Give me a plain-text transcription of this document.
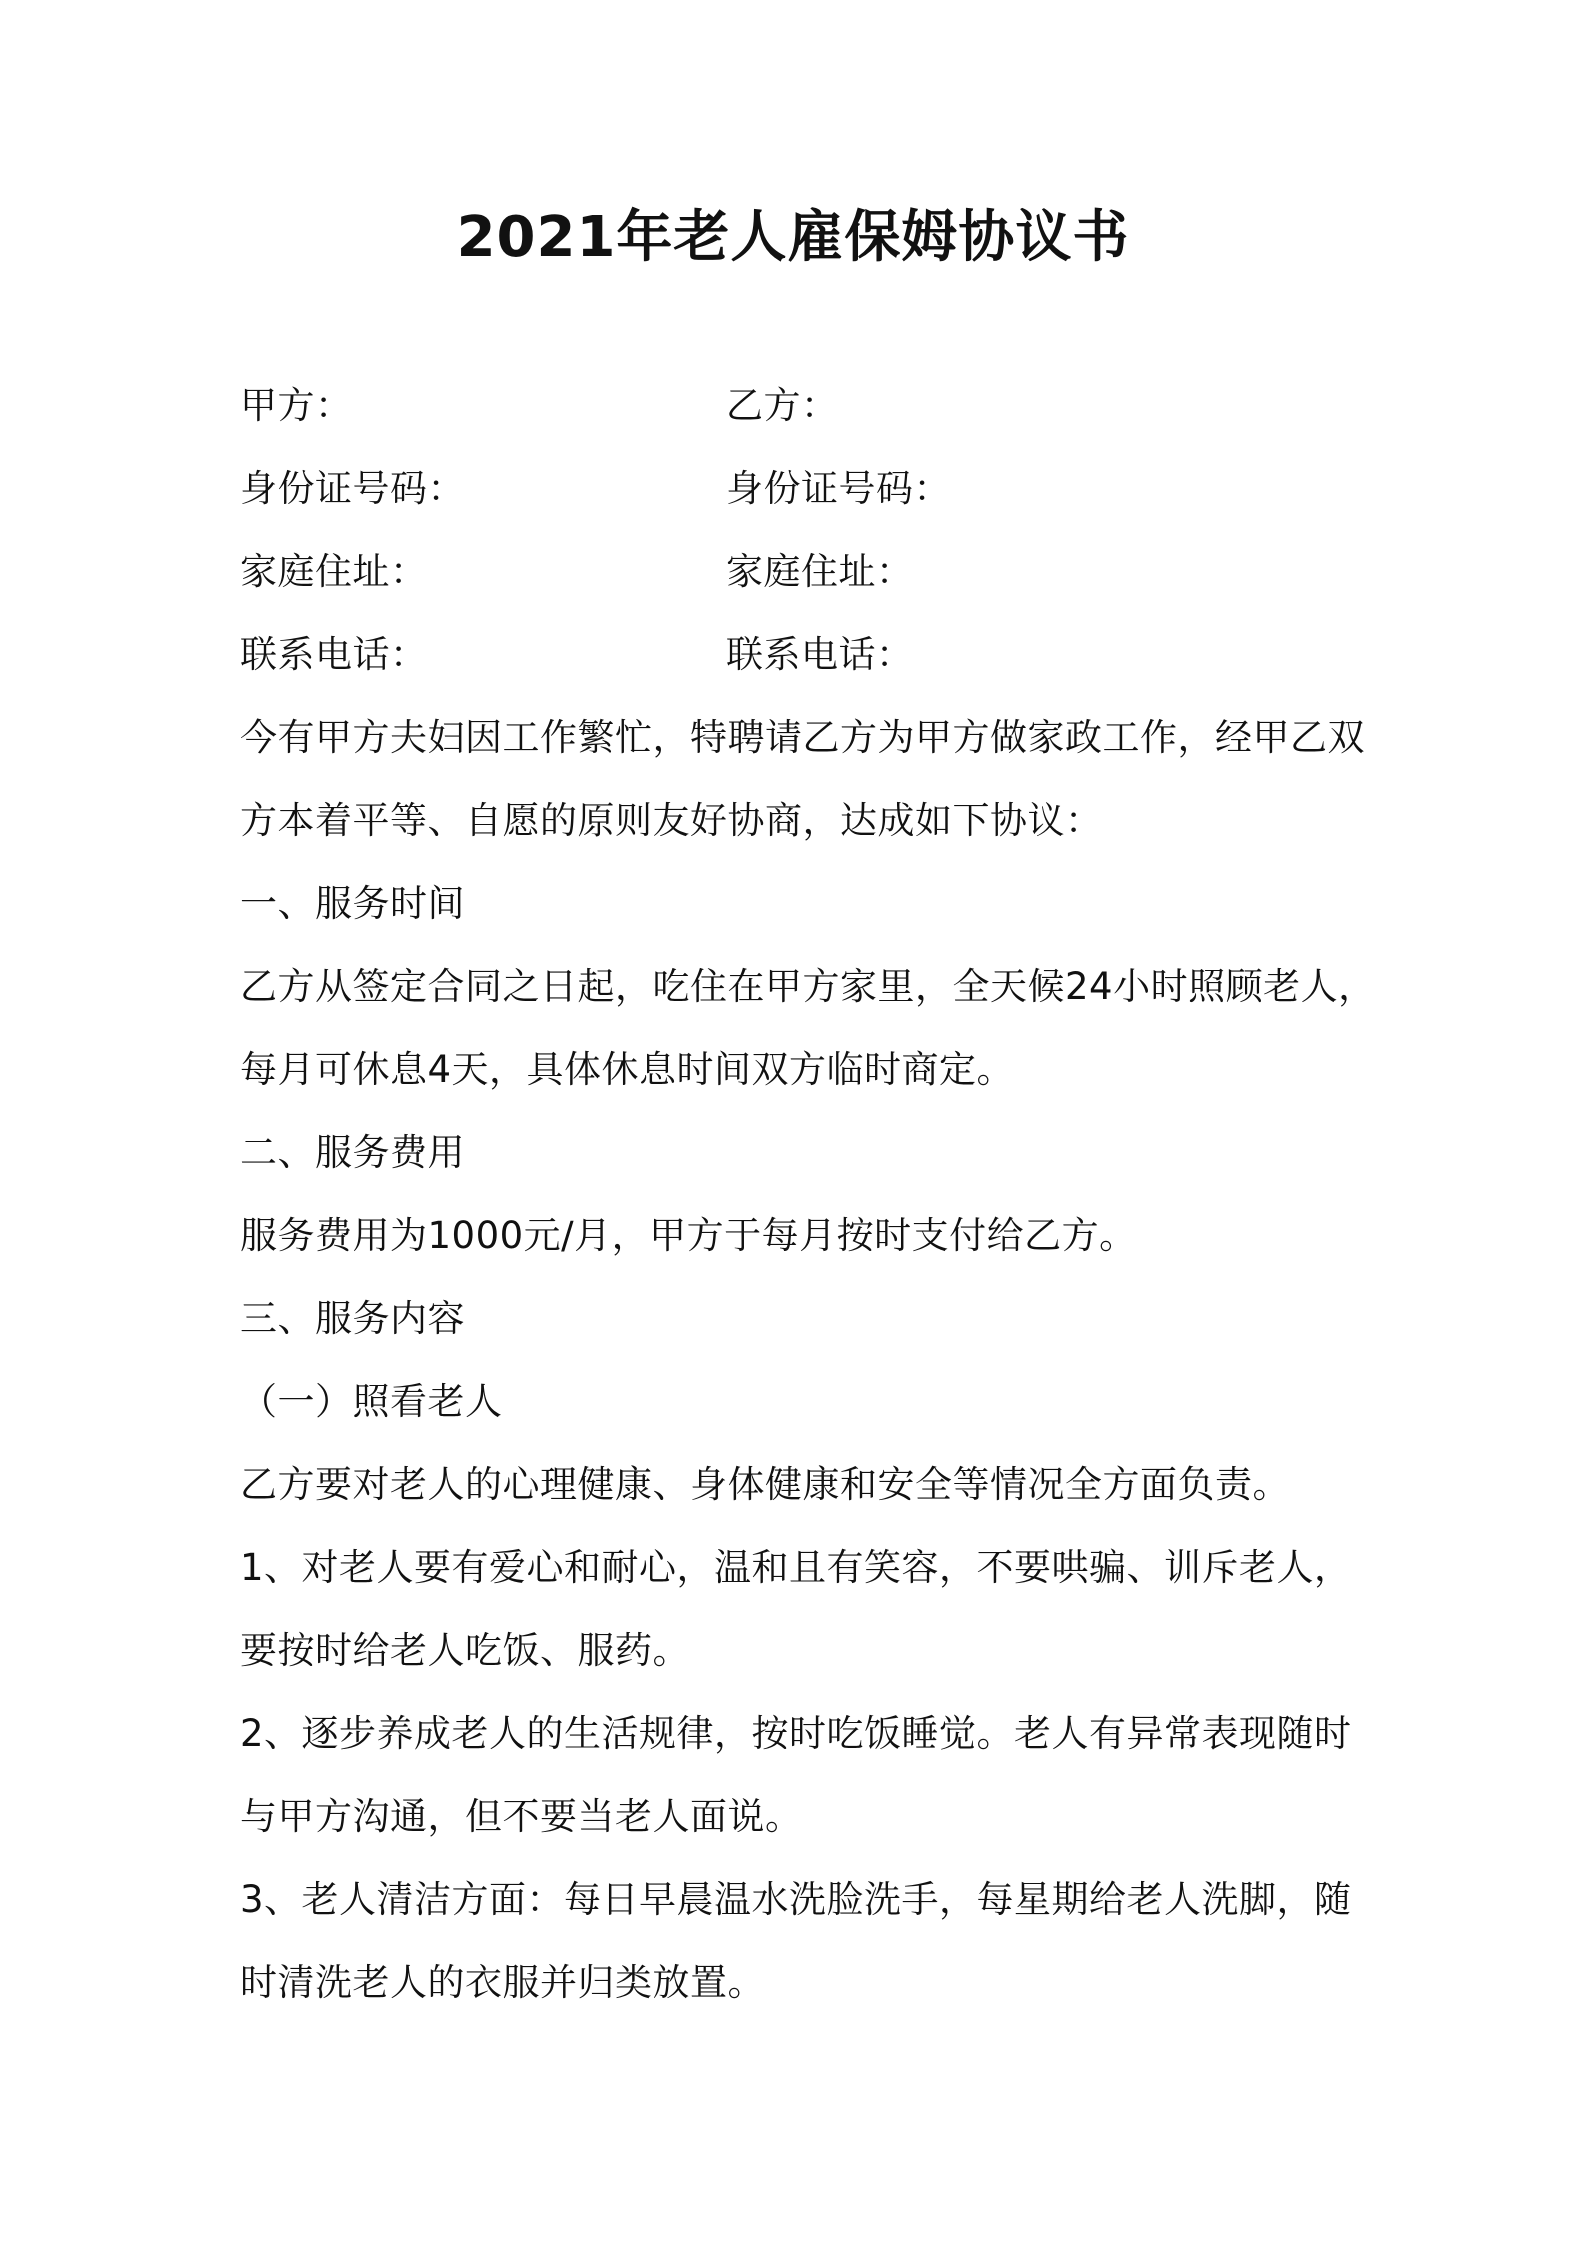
2021年老人雇保姆协议书
甲方：	乙方：
身份证号码：	身份证号码：
家庭住址：	家庭住址：
联系电话：	联系电话：
今有甲方夫妇因工作繁忙，特聘请乙方为甲方做家政工作，经甲乙双
方本着平等、自愿的原则友好协商，达成如下协议：
一、服务时间
乙方从签定合同之日起，吃住在甲方家里，全天候24小时照顾老人，
每月可休息4天，具体休息时间双方临时商定。
二、服务费用
服务费用为1000元/月，甲方于每月按时支付给乙方。
三、服务内容
（一）照看老人
乙方要对老人的心理健康、身体健康和安全等情况全方面负责。
1、对老人要有爱心和耐心，温和且有笑容，不要哄骗、训斥老人，
要按时给老人吃饭、服药。
2、逐步养成老人的生活规律，按时吃饭睡觉。老人有异常表现随时
与甲方沟通，但不要当老人面说。
3、老人清洁方面：每日早晨温水洗脸洗手，每星期给老人洗脚，随
时清洗老人的衣服并归类放置。
